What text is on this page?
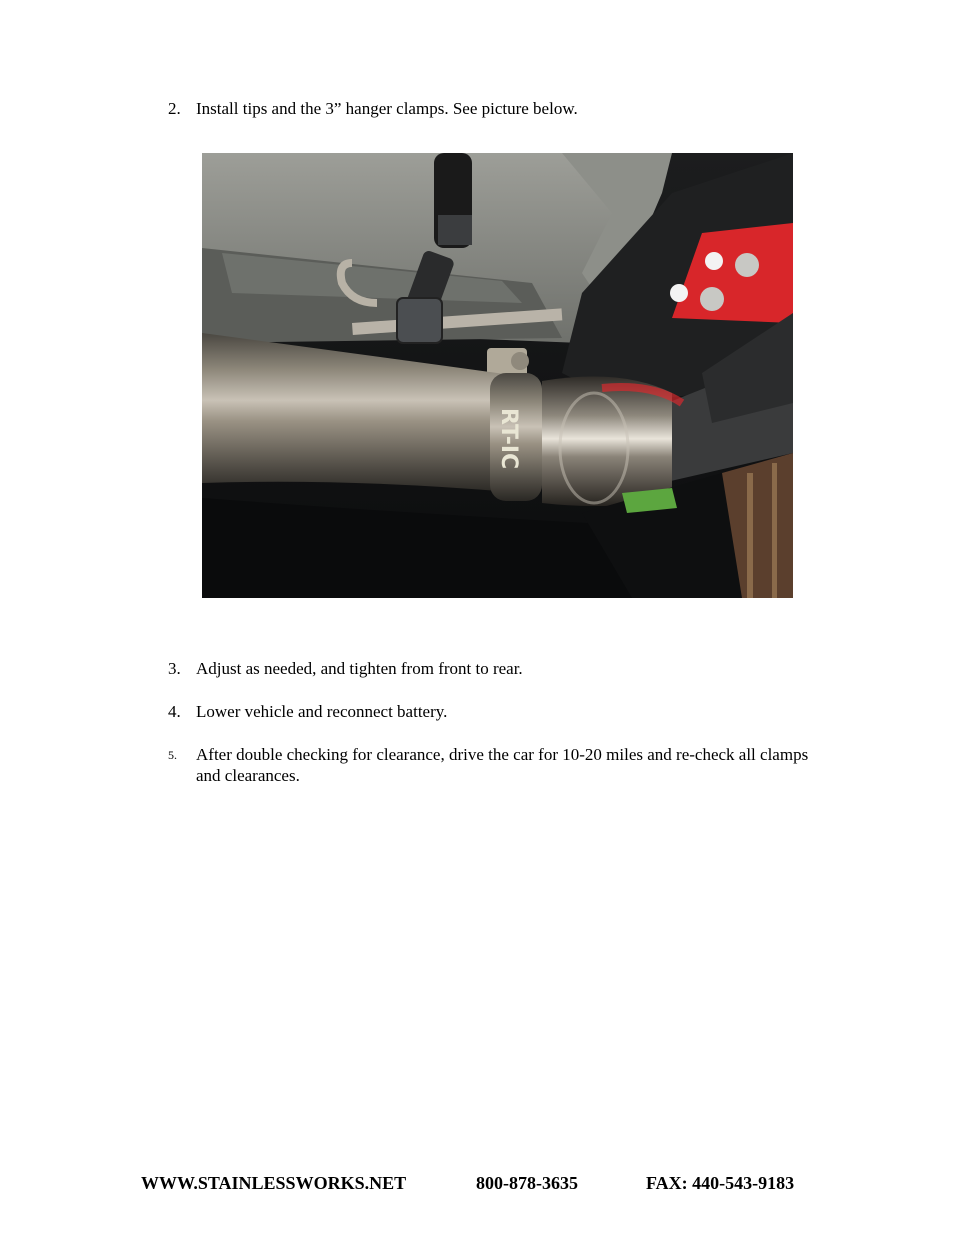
2. Install tips and the 3” hanger clamps. See picture below.
RT-IC
3. Adjust as needed, and tighten from front to rear.
4. Lower vehicle and reconnect battery.
5. After double checking for clearance, drive the car for 10-20 miles and re-check all clamps and clearances.
WWW.STAINLESSWORKS.NET	800-878-3635	FAX: 440-543-9183
